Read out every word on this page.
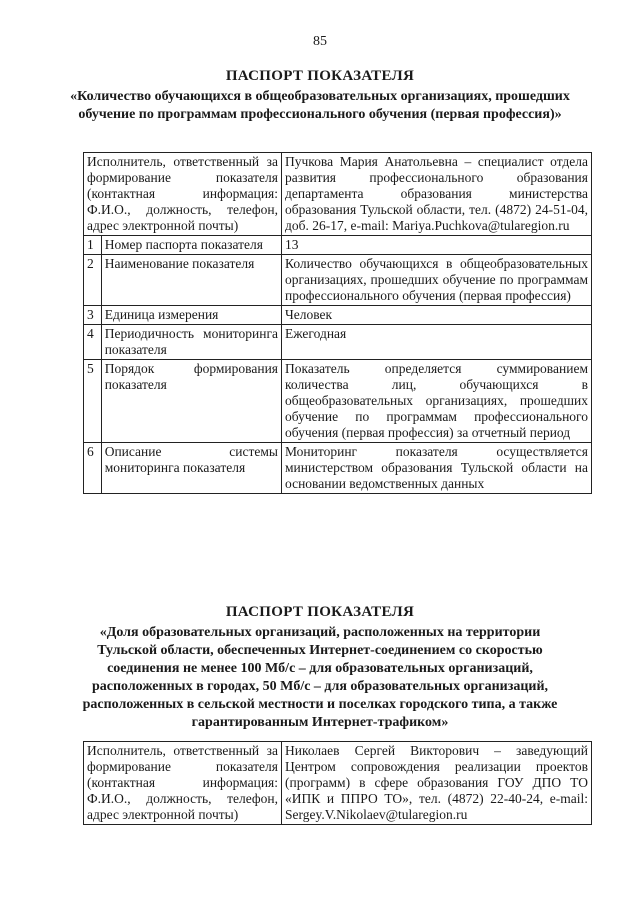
85
ПАСПОРТ ПОКАЗАТЕЛЯ
«Количество обучающихся в общеобразовательных организациях, прошедших обучение по программам профессионального обучения (первая профессия)»
Исполнитель, ответственный за формирование показателя (контактная информация: Ф.И.О., должность, телефон, адрес электронной почты)		Пучкова Мария Анатольевна – специалист отдела развития профессионального образования департамента образования министерства образования Тульской области, тел. (4872) 24-51-04, доб. 26-17, e-mail: Mariya.Puchkova@tularegion.ru
1	Номер паспорта показателя	13
2	Наименование показателя	Количество обучающихся в общеобразовательных организациях, прошедших обучение по программам профессионального обучения (первая профессия)
3	Единица измерения	Человек
4	Периодичность мониторинга показателя	Ежегодная
5	Порядок формирования показателя	Показатель определяется суммированием количества лиц, обучающихся в общеобразовательных организациях, прошедших обучение по программам профессионального обучения (первая профессия) за отчетный период
6	Описание системы мониторинга показателя	Мониторинг показателя осуществляется министерством образования Тульской области на основании ведомственных данных
ПАСПОРТ ПОКАЗАТЕЛЯ
«Доля образовательных организаций, расположенных на территории Тульской области, обеспеченных Интернет-соединением со скоростью соединения не менее 100 Мб/с – для образовательных организаций, расположенных в городах, 50 Мб/с – для образовательных организаций, расположенных в сельской местности и поселках городского типа, а также гарантированным Интернет-трафиком»
Исполнитель, ответственный за формирование показателя (контактная информация: Ф.И.О., должность, телефон, адрес электронной почты)	Николаев Сергей Викторович – заведующий Центром сопровождения реализации проектов (программ) в сфере образования ГОУ ДПО ТО «ИПК и ППРО ТО», тел. (4872) 22-40-24, e-mail: Sergey.V.Nikolaev@tularegion.ru
